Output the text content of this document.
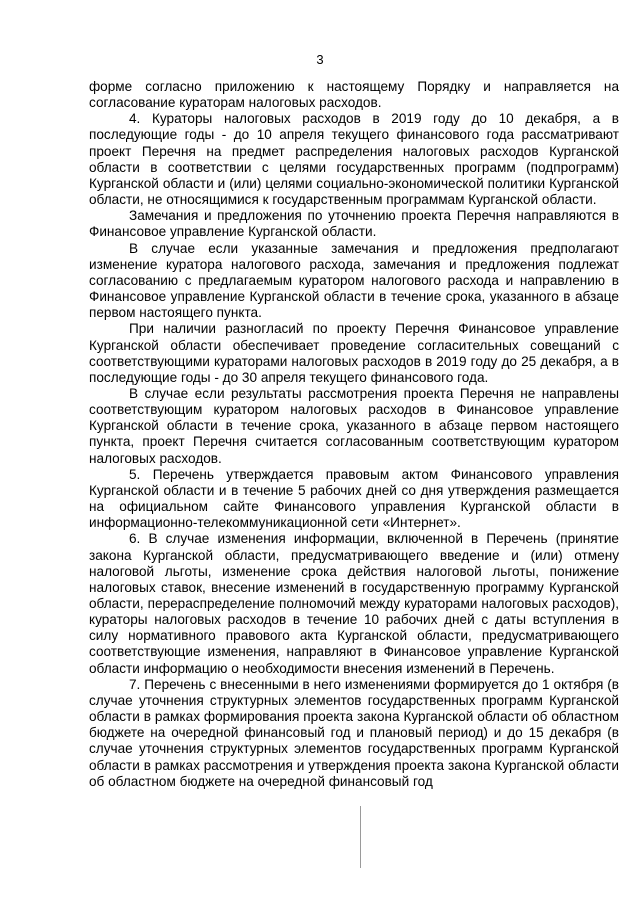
3

форме согласно приложению к настоящему Порядку и направляется на согласование кураторам налоговых расходов.

4. Кураторы налоговых расходов в 2019 году до 10 декабря, а в последующие годы - до 10 апреля текущего финансового года рассматривают проект Перечня на предмет распределения налоговых расходов Курганской области в соответствии с целями государственных программ (подпрограмм) Курганской области и (или) целями социально-экономической политики Курганской области, не относящимися к государственным программам Курганской области.

Замечания и предложения по уточнению проекта Перечня направляются в Финансовое управление Курганской области.

В случае если указанные замечания и предложения предполагают изменение куратора налогового расхода, замечания и предложения подлежат согласованию с предлагаемым куратором налогового расхода и направлению в Финансовое управление Курганской области в течение срока, указанного в абзаце первом настоящего пункта.

При наличии разногласий по проекту Перечня Финансовое управление Курганской области обеспечивает проведение согласительных совещаний с соответствующими кураторами налоговых расходов в 2019 году до 25 декабря, а в последующие годы - до 30 апреля текущего финансового года.

В случае если результаты рассмотрения проекта Перечня не направлены соответствующим куратором налоговых расходов в Финансовое управление Курганской области в течение срока, указанного в абзаце первом настоящего пункта, проект Перечня считается согласованным соответствующим куратором налоговых расходов.

5. Перечень утверждается правовым актом Финансового управления Курганской области и в течение 5 рабочих дней со дня утверждения размещается на официальном сайте Финансового управления Курганской области в информационно-телекоммуникационной сети «Интернет».

6. В случае изменения информации, включенной в Перечень (принятие закона Курганской области, предусматривающего введение и (или) отмену налоговой льготы, изменение срока действия налоговой льготы, понижение налоговых ставок, внесение изменений в государственную программу Курганской области, перераспределение полномочий между кураторами налоговых расходов), кураторы налоговых расходов в течение 10 рабочих дней с даты вступления в силу нормативного правового акта Курганской области, предусматривающего соответствующие изменения, направляют в Финансовое управление Курганской области информацию о необходимости внесения изменений в Перечень.

7. Перечень с внесенными в него изменениями формируется до 1 октября (в случае уточнения структурных элементов государственных программ Курганской области в рамках формирования проекта закона Курганской области об областном бюджете на очередной финансовый год и плановый период) и до 15 декабря (в случае уточнения структурных элементов государственных программ Курганской области в рамках рассмотрения и утверждения проекта закона Курганской области об областном бюджете на очередной финансовый год
